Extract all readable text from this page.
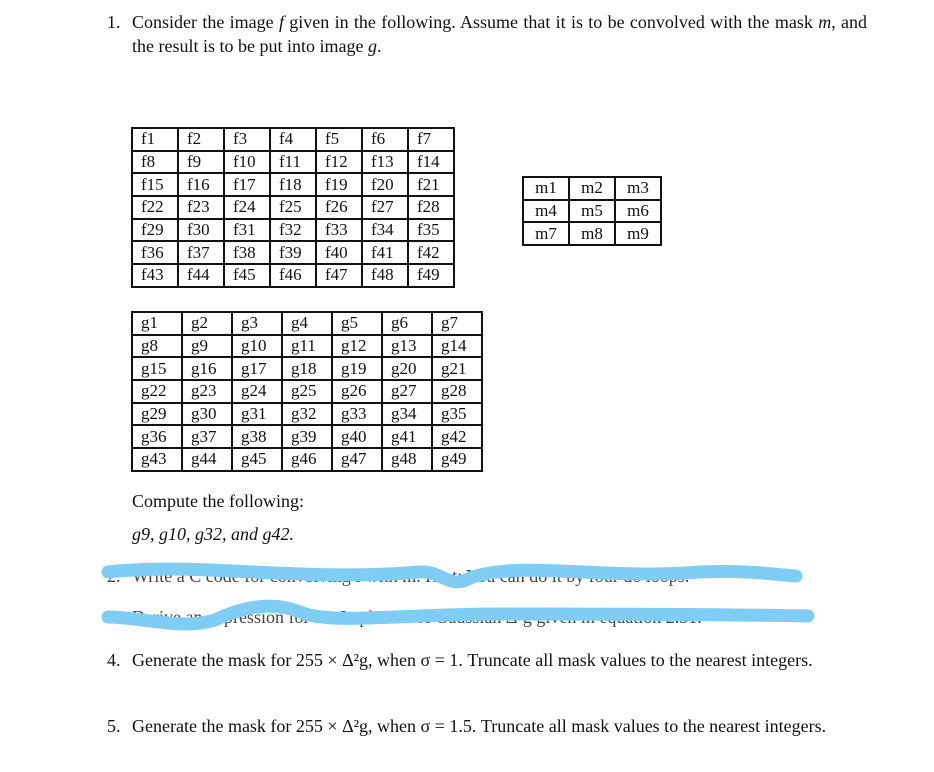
1. Consider the image f given in the following. Assume that it is to be convolved with the mask m, and the result is to be put into image g.
f1	f2	f3	f4	f5	f6	f7
f8	f9	f10	f11	f12	f13	f14
f15	f16	f17	f18	f19	f20	f21
f22	f23	f24	f25	f26	f27	f28
f29	f30	f31	f32	f33	f34	f35
f36	f37	f38	f39	f40	f41	f42
f43	f44	f45	f46	f47	f48	f49
m1	m2	m3
m4	m5	m6
m7	m8	m9
g1	g2	g3	g4	g5	g6	g7
g8	g9	g10	g11	g12	g13	g14
g15	g16	g17	g18	g19	g20	g21
g22	g23	g24	g25	g26	g27	g28
g29	g30	g31	g32	g33	g34	g35
g36	g37	g38	g39	g40	g41	g42
g43	g44	g45	g46	g47	g48	g49
Compute the following:
g9, g10, g32, and g42.
2. Write a C code for convolving f with m. Hint: You can do it by four do loops.
3. Derive an expression for the Laplacian of Gaussian Δ²g given in equation 2.31.
4. Generate the mask for 255 × Δ²g, when σ = 1. Truncate all mask values to the nearest integers.
5. Generate the mask for 255 × Δ²g, when σ = 1.5. Truncate all mask values to the nearest integers.
